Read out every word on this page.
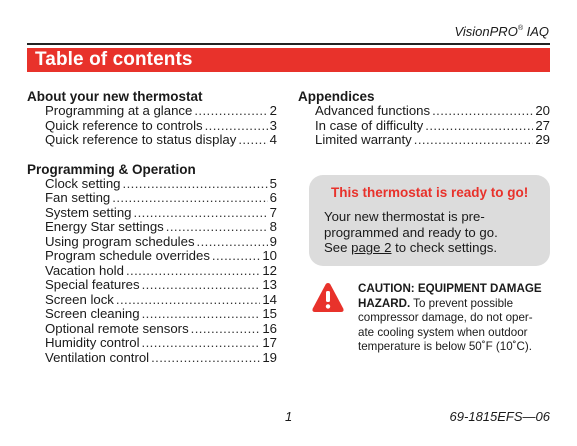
VisionPRO® IAQ
Table of contents
About your new thermostat
Programming at a glance .....	2
Quick reference to controls .....	3
Quick reference to status display .....	4
Programming & Operation
Clock setting .....	5
Fan setting .....	6
System setting .....	7
Energy Star settings .....	8
Using program schedules .....	9
Program schedule overrides .....	10
Vacation hold .....	12
Special features .....	13
Screen lock .....	14
Screen cleaning .....	15
Optional remote sensors .....	16
Humidity control .....	17
Ventilation control .....	19
Appendices
Advanced functions .....	20
In case of difficulty .....	27
Limited warranty .....	29
This thermostat is ready to go!
Your new thermostat is pre-
programmed and ready to go.
See page 2 to check settings.
CAUTION: EQUIPMENT DAMAGE
HAZARD. To prevent possible
compressor damage, do not oper-
ate cooling system when outdoor
temperature is below 50˚F (10˚C).
1	69-1815EFS—06
